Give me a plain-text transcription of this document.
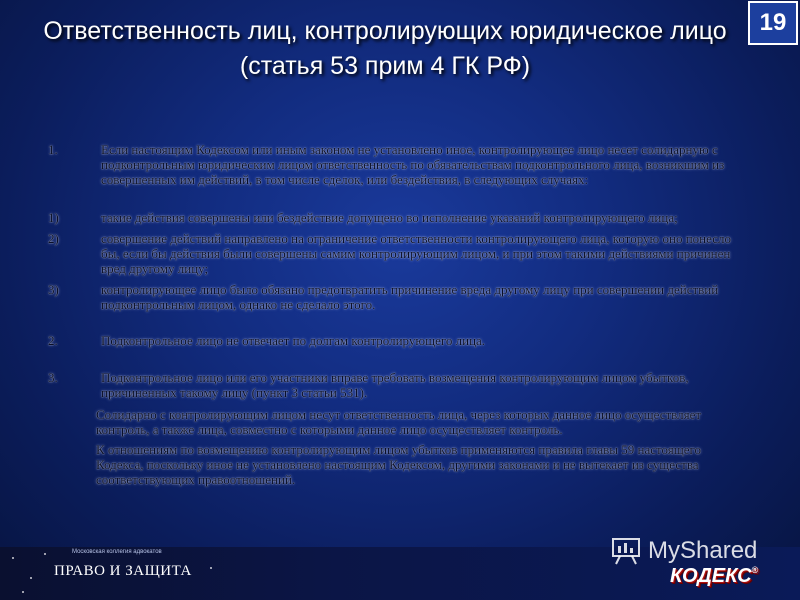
Ответственность лиц, контролирующих юридическое лицо
(статья 53 прим 4 ГК РФ)
19
1.	Если настоящим Кодексом или иным законом не установлено иное, контролирующее лицо несет солидарную с подконтрольным юридическим лицом ответственность по обязательствам подконтрольного лица, возникшим из совершенных им действий, в том числе сделок, или бездействия, в следующих случаях:
1)	такие действия совершены или бездействие допущено во исполнение указаний контролирующего лица;
2)	совершение действий направлено на ограничение ответственности контролирующего лица, которую оно понесло бы, если бы действия были совершены самим контролирующим лицом, и при этом такими действиями причинен вред другому лицу;
3)	контролирующее лицо было обязано предотвратить причинение вреда другому лицу при совершении действий подконтрольным лицом, однако не сделало этого.
2.	Подконтрольное лицо не отвечает по долгам контролирующего лица.
3.	Подконтрольное лицо или его участники вправе требовать возмещения контролирующим лицом убытков, причиненных такому лицу (пункт 3 статьи 531).
Солидарно с контролирующим лицом несут ответственность лица, через которых данное лицо осуществляет контроль, а также лица, совместно с которыми данное лицо осуществляет контроль.
К отношениям по возмещению контролирующим лицом убытков применяются правила главы 59 настоящего Кодекса, поскольку иное не установлено настоящим Кодексом, другими законами и не вытекает из существа соответствующих правоотношений.
Московская коллегия адвокатов
ПРАВО И ЗАЩИТА
MyShared
КОДЕКС®
